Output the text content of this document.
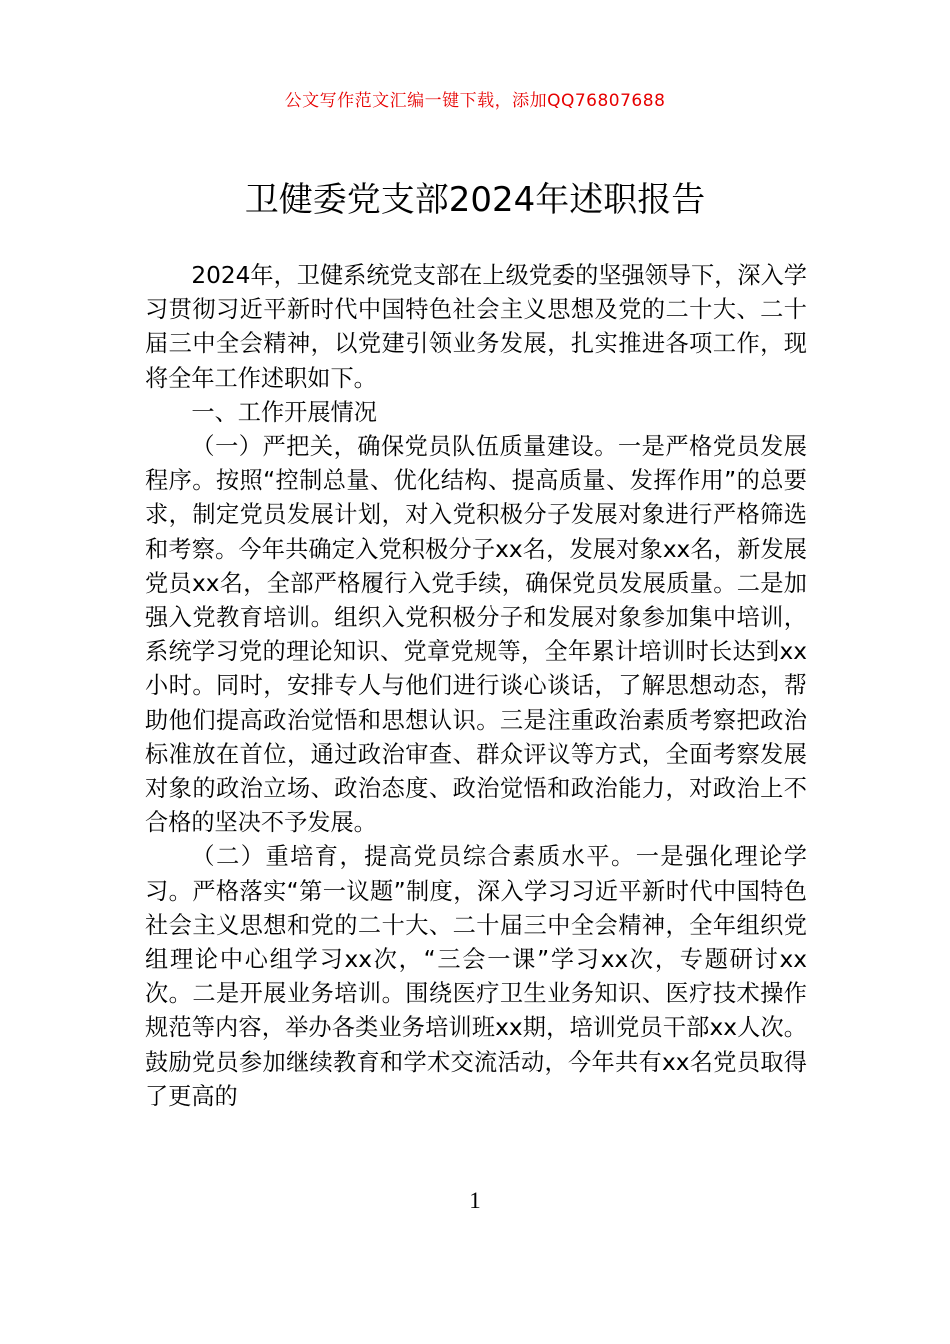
公文写作范文汇编一键下载，添加QQ76807688
卫健委党支部2024年述职报告

2024年，卫健系统党支部在上级党委的坚强领导下，深入学习贯彻习近平新时代中国特色社会主义思想及党的二十大、二十届三中全会精神，以党建引领业务发展，扎实推进各项工作，现将全年工作述职如下。

一、工作开展情况

（一）严把关，确保党员队伍质量建设。一是严格党员发展程序。按照“控制总量、优化结构、提高质量、发挥作用”的总要求，制定党员发展计划，对入党积极分子发展对象进行严格筛选和考察。今年共确定入党积极分子xx名，发展对象xx名，新发展党员xx名，全部严格履行入党手续，确保党员发展质量。二是加强入党教育培训。组织入党积极分子和发展对象参加集中培训，系统学习党的理论知识、党章党规等，全年累计培训时长达到xx小时。同时，安排专人与他们进行谈心谈话，了解思想动态，帮助他们提高政治觉悟和思想认识。三是注重政治素质考察把政治标准放在首位，通过政治审查、群众评议等方式，全面考察发展对象的政治立场、政治态度、政治觉悟和政治能力，对政治上不合格的坚决不予发展。

（二）重培育，提高党员综合素质水平。一是强化理论学习。严格落实“第一议题”制度，深入学习习近平新时代中国特色社会主义思想和党的二十大、二十届三中全会精神，全年组织党组理论中心组学习xx次，“三会一课”学习xx次，专题研讨xx次。二是开展业务培训。围绕医疗卫生业务知识、医疗技术操作规范等内容，举办各类业务培训班xx期，培训党员干部xx人次。鼓励党员参加继续教育和学术交流活动，今年共有xx名党员取得了更高的

1
